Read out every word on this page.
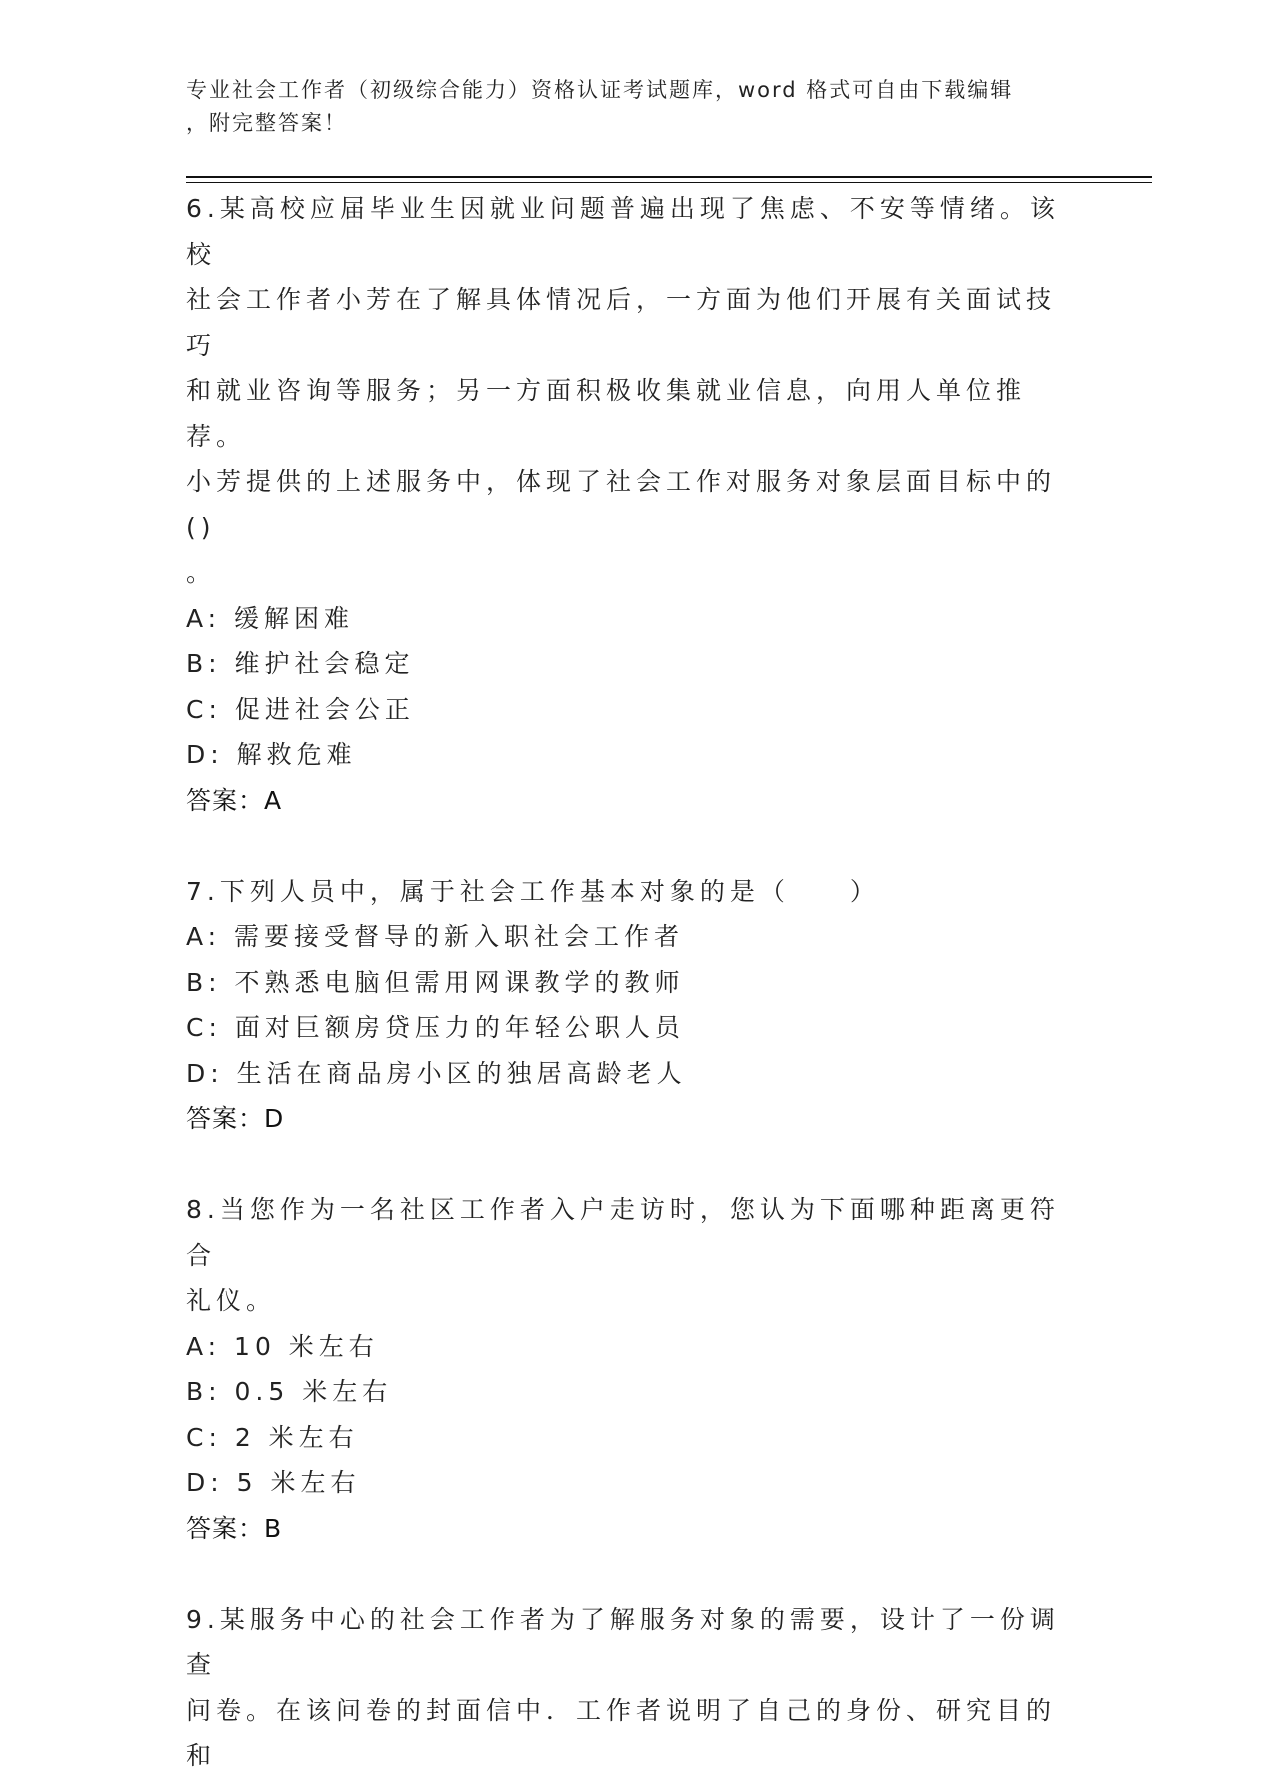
专业社会工作者（初级综合能力）资格认证考试题库，word 格式可自由下载编辑
，附完整答案！

6.某高校应届毕业生因就业问题普遍出现了焦虑、不安等情绪。该校

社会工作者小芳在了解具体情况后，一方面为他们开展有关面试技巧

和就业咨询等服务；另一方面积极收集就业信息，向用人单位推荐。

小芳提供的上述服务中，体现了社会工作对服务对象层面目标中的()

。

A: 缓解困难

B: 维护社会稳定

C: 促进社会公正

D: 解救危难

答案：A

7.下列人员中，属于社会工作基本对象的是（　　）

A: 需要接受督导的新入职社会工作者

B: 不熟悉电脑但需用网课教学的教师

C: 面对巨额房贷压力的年轻公职人员

D: 生活在商品房小区的独居高龄老人

答案：D

8.当您作为一名社区工作者入户走访时，您认为下面哪种距离更符合

礼仪。

A: 10 米左右

B: 0.5 米左右

C: 2 米左右

D: 5 米左右

答案：B

9.某服务中心的社会工作者为了解服务对象的需要，设计了一份调查

问卷。在该问卷的封面信中．工作者说明了自己的身份、研究目的和
